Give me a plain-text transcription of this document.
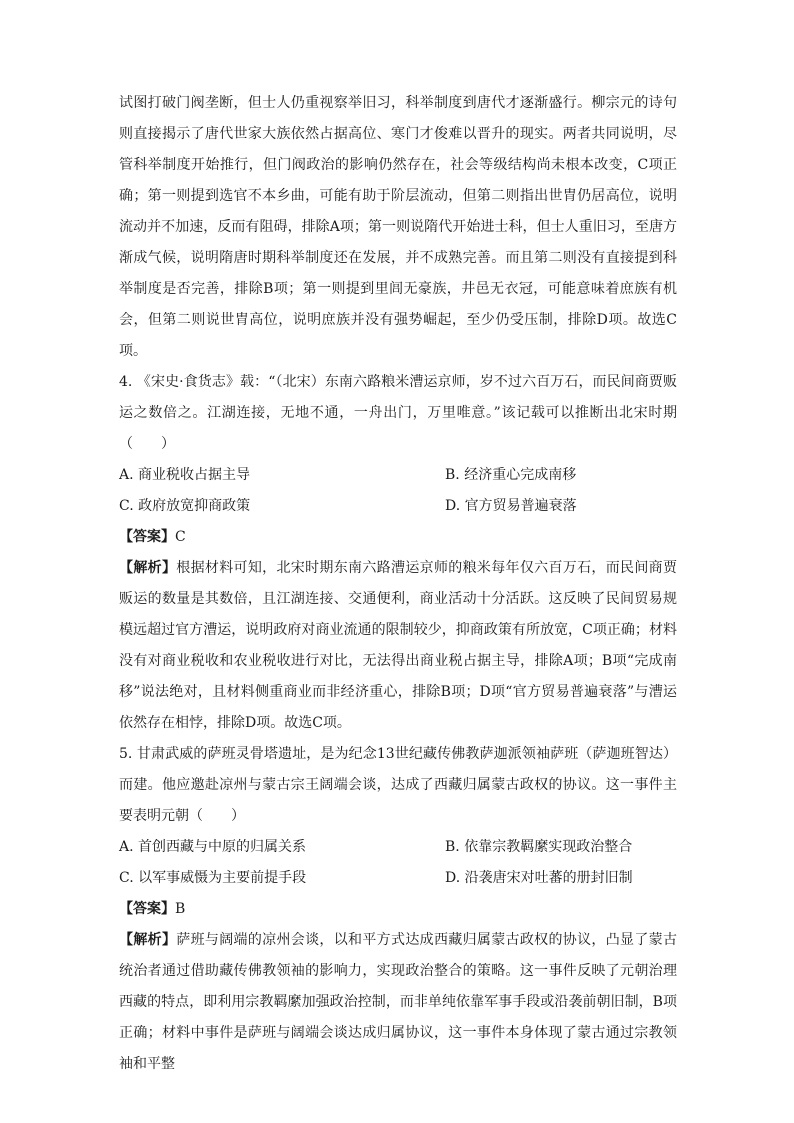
试图打破门阀垄断，但士人仍重视察举旧习，科举制度到唐代才逐渐盛行。柳宗元的诗句则直接揭示了唐代世家大族依然占据高位、寒门才俊难以晋升的现实。两者共同说明，尽管科举制度开始推行，但门阀政治的影响仍然存在，社会等级结构尚未根本改变，C项正确；第一则提到选官不本乡曲，可能有助于阶层流动，但第二则指出世胄仍居高位，说明流动并不加速，反而有阻碍，排除A项；第一则说隋代开始进士科，但士人重旧习，至唐方渐成气候，说明隋唐时期科举制度还在发展，并不成熟完善。而且第二则没有直接提到科举制度是否完善，排除B项；第一则提到里闾无豪族，井邑无衣冠，可能意味着庶族有机会，但第二则说世胄高位，说明庶族并没有强势崛起，至少仍受压制，排除D项。故选C项。

4. 《宋史·食货志》载：“（北宋）东南六路粮米漕运京师，岁不过六百万石，而民间商贾贩运之数倍之。江湖连接，无地不通，一舟出门，万里唯意。”该记载可以推断出北宋时期（　　）

A. 商业税收占据主导	B. 经济重心完成南移
C. 政府放宽抑商政策	D. 官方贸易普遍衰落

【答案】C

【解析】根据材料可知，北宋时期东南六路漕运京师的粮米每年仅六百万石，而民间商贾贩运的数量是其数倍，且江湖连接、交通便利，商业活动十分活跃。这反映了民间贸易规模远超过官方漕运，说明政府对商业流通的限制较少，抑商政策有所放宽，C项正确；材料没有对商业税收和农业税收进行对比，无法得出商业税占据主导，排除A项；B项“完成南移”说法绝对，且材料侧重商业而非经济重心，排除B项；D项“官方贸易普遍衰落”与漕运依然存在相悖，排除D项。故选C项。

5. 甘肃武威的萨班灵骨塔遗址，是为纪念13世纪藏传佛教萨迦派领袖萨班（萨迦班智达）而建。他应邀赴凉州与蒙古宗王阔端会谈，达成了西藏归属蒙古政权的协议。这一事件主要表明元朝（　　）

A. 首创西藏与中原的归属关系	B. 依靠宗教羁縻实现政治整合
C. 以军事威慑为主要前提手段	D. 沿袭唐宋对吐蕃的册封旧制

【答案】B

【解析】萨班与阔端的凉州会谈，以和平方式达成西藏归属蒙古政权的协议，凸显了蒙古统治者通过借助藏传佛教领袖的影响力，实现政治整合的策略。这一事件反映了元朝治理西藏的特点，即利用宗教羁縻加强政治控制，而非单纯依靠军事手段或沿袭前朝旧制，B项正确；材料中事件是萨班与阔端会谈达成归属协议，这一事件本身体现了蒙古通过宗教领袖和平整
